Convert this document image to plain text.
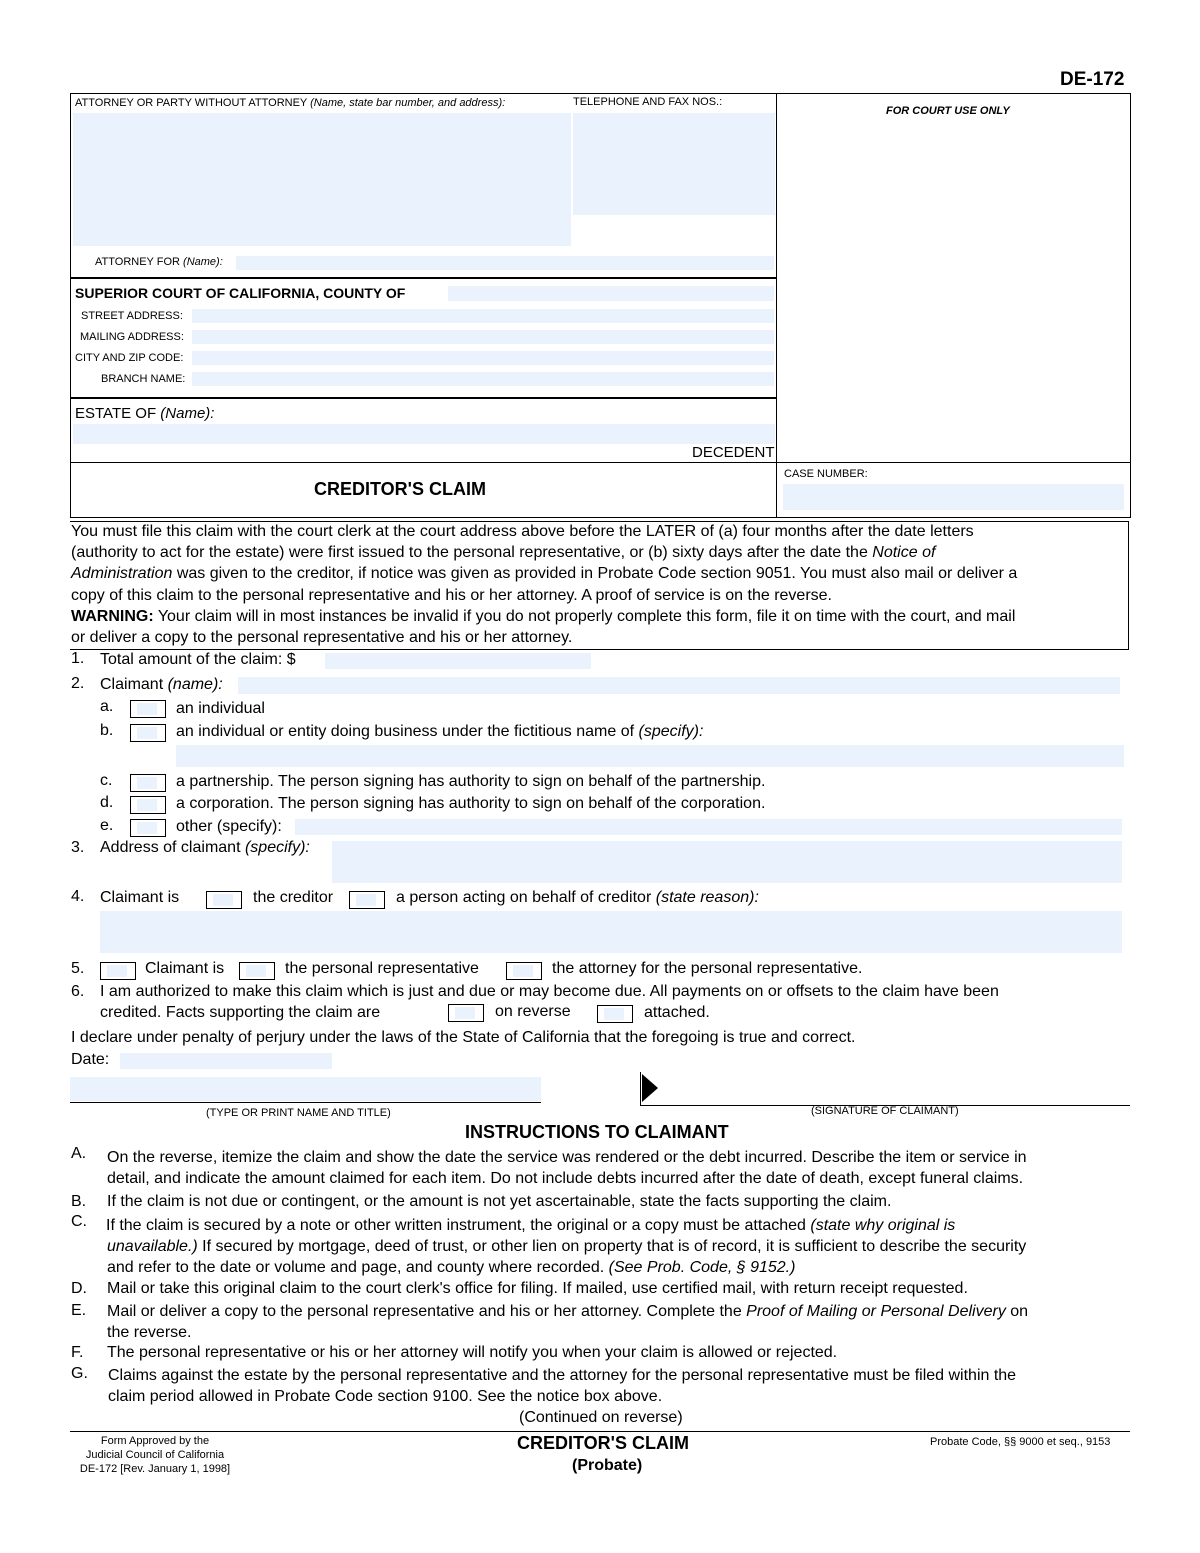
DE-172
ATTORNEY OR PARTY WITHOUT ATTORNEY (Name, state bar number, and address):	TELEPHONE AND FAX NOS.:
ATTORNEY FOR (Name):
FOR COURT USE ONLY
SUPERIOR COURT OF CALIFORNIA, COUNTY OF
STREET ADDRESS:
MAILING ADDRESS:
CITY AND ZIP CODE:
BRANCH NAME:
ESTATE OF (Name):
DECEDENT
CREDITOR'S CLAIM
CASE NUMBER:

You must file this claim with the court clerk at the court address above before the LATER of (a) four months after the date letters

(authority to act for the estate) were first issued to the personal representative, or (b) sixty days after the date the Notice of

Administration was given to the creditor, if notice was given as provided in Probate Code section 9051. You must also mail or deliver a

copy of this claim to the personal representative and his or her attorney. A proof of service is on the reverse.

WARNING: Your claim will in most instances be invalid if you do not properly complete this form, file it on time with the court, and mail

or deliver a copy to the personal representative and his or her attorney.

1. Total amount of the claim: $
2. Claimant (name):
a.	an individual
b.	an individual or entity doing business under the fictitious name of (specify):
c.	a partnership. The person signing has authority to sign on behalf of the partnership.
d.	a corporation. The person signing has authority to sign on behalf of the corporation.
e.	other (specify):
3. Address of claimant (specify):
4. Claimant is	the creditor	a person acting on behalf of creditor (state reason):
5.	Claimant is	the personal representative	the attorney for the personal representative.
6. I am authorized to make this claim which is just and due or may become due. All payments on or offsets to the claim have been
credited. Facts supporting the claim are	on reverse	attached.
I declare under penalty of perjury under the laws of the State of California that the foregoing is true and correct.
Date:
(TYPE OR PRINT NAME AND TITLE)	(SIGNATURE OF CLAIMANT)
INSTRUCTIONS TO CLAIMANT
A. On the reverse, itemize the claim and show the date the service was rendered or the debt incurred. Describe the item or service in
detail, and indicate the amount claimed for each item. Do not include debts incurred after the date of death, except funeral claims.
B. If the claim is not due or contingent, or the amount is not yet ascertainable, state the facts supporting the claim.
C. If the claim is secured by a note or other written instrument, the original or a copy must be attached (state why original is
unavailable.) If secured by mortgage, deed of trust, or other lien on property that is of record, it is sufficient to describe the security
and refer to the date or volume and page, and county where recorded. (See Prob. Code, § 9152.)
D. Mail or take this original claim to the court clerk's office for filing. If mailed, use certified mail, with return receipt requested.
E. Mail or deliver a copy to the personal representative and his or her attorney. Complete the Proof of Mailing or Personal Delivery on
the reverse.
F. The personal representative or his or her attorney will notify you when your claim is allowed or rejected.
G. Claims against the estate by the personal representative and the attorney for the personal representative must be filed within the
claim period allowed in Probate Code section 9100. See the notice box above.
(Continued on reverse)
Form Approved by the
Judicial Council of California
DE-172 [Rev. January 1, 1998]
CREDITOR'S CLAIM
(Probate)
Probate Code, §§ 9000 et seq., 9153
